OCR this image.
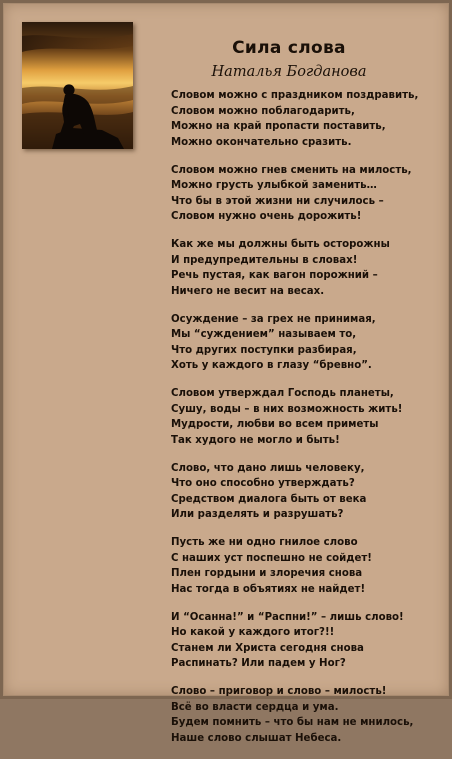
Сила слова
Наталья Богданова
Словом можно с праздником поздравить,
Словом можно поблагодарить,
Можно на край пропасти поставить,
Можно окончательно сразить.
Словом можно гнев сменить на милость,
Можно грусть улыбкой заменить…
Что бы в этой жизни ни случилось –
Словом нужно очень дорожить!
Как же мы должны быть осторожны
И предупредительны в словах!
Речь пустая, как вагон порожний –
Ничего не весит на весах.
Осуждение – за грех не принимая,
Мы “суждением” называем то,
Что других поступки разбирая,
Хоть у каждого в глазу “бревно”.
Словом утверждал Господь планеты,
Сушу, воды – в них возможность жить!
Мудрости, любви во всем приметы
Так худого не могло и быть!
Слово, что дано лишь человеку,
Что оно способно утверждать?
Средством диалога быть от века
Или разделять и разрушать?
Пусть же ни одно гнилое слово
С наших уст поспешно не сойдет!
Плен гордыни и злоречия снова
Нас тогда в объятиях не найдет!
И “Осанна!” и “Распни!” – лишь слово!
Но какой у каждого итог?!!
Станем ли Христа сегодня снова
Распинать? Или падем у Ног?
Слово – приговор и слово – милость!
Всё во власти сердца и ума.
Будем помнить – что бы нам не мнилось,
Наше слово слышат Небеса.
